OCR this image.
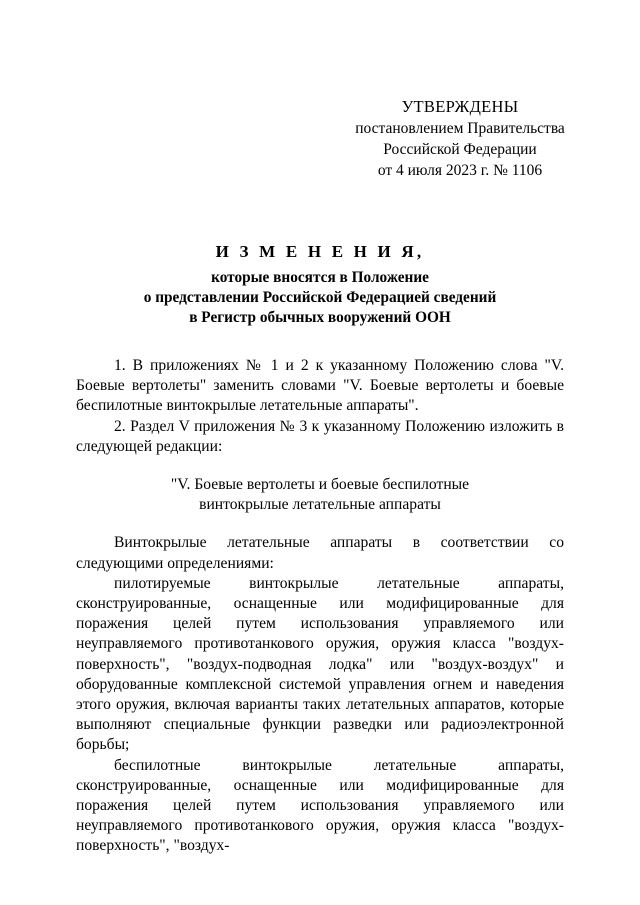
УТВЕРЖДЕНЫ
постановлением Правительства
Российской Федерации
от 4 июля 2023 г. № 1106
И З М Е Н Е Н И Я,
которые вносятся в Положение
о представлении Российской Федерацией сведений
в Регистр обычных вооружений ООН

1. В приложениях № 1 и 2 к указанному Положению слова "V. Боевые вертолеты" заменить словами "V. Боевые вертолеты и боевые беспилотные винтокрылые летательные аппараты".

2. Раздел V приложения № 3 к указанному Положению изложить в следующей редакции:

"V. Боевые вертолеты и боевые беспилотные
винтокрылые летательные аппараты

Винтокрылые летательные аппараты в соответствии со следующими определениями:

пилотируемые винтокрылые летательные аппараты, сконструированные, оснащенные или модифицированные для поражения целей путем использования управляемого или неуправляемого противотанкового оружия, оружия класса "воздух-поверхность", "воздух-подводная лодка" или "воздух-воздух" и оборудованные комплексной системой управления огнем и наведения этого оружия, включая варианты таких летательных аппаратов, которые выполняют специальные функции разведки или радиоэлектронной борьбы;

беспилотные винтокрылые летательные аппараты, сконструированные, оснащенные или модифицированные для поражения целей путем использования управляемого или неуправляемого противотанкового оружия, оружия класса "воздух-поверхность", "воздух-
